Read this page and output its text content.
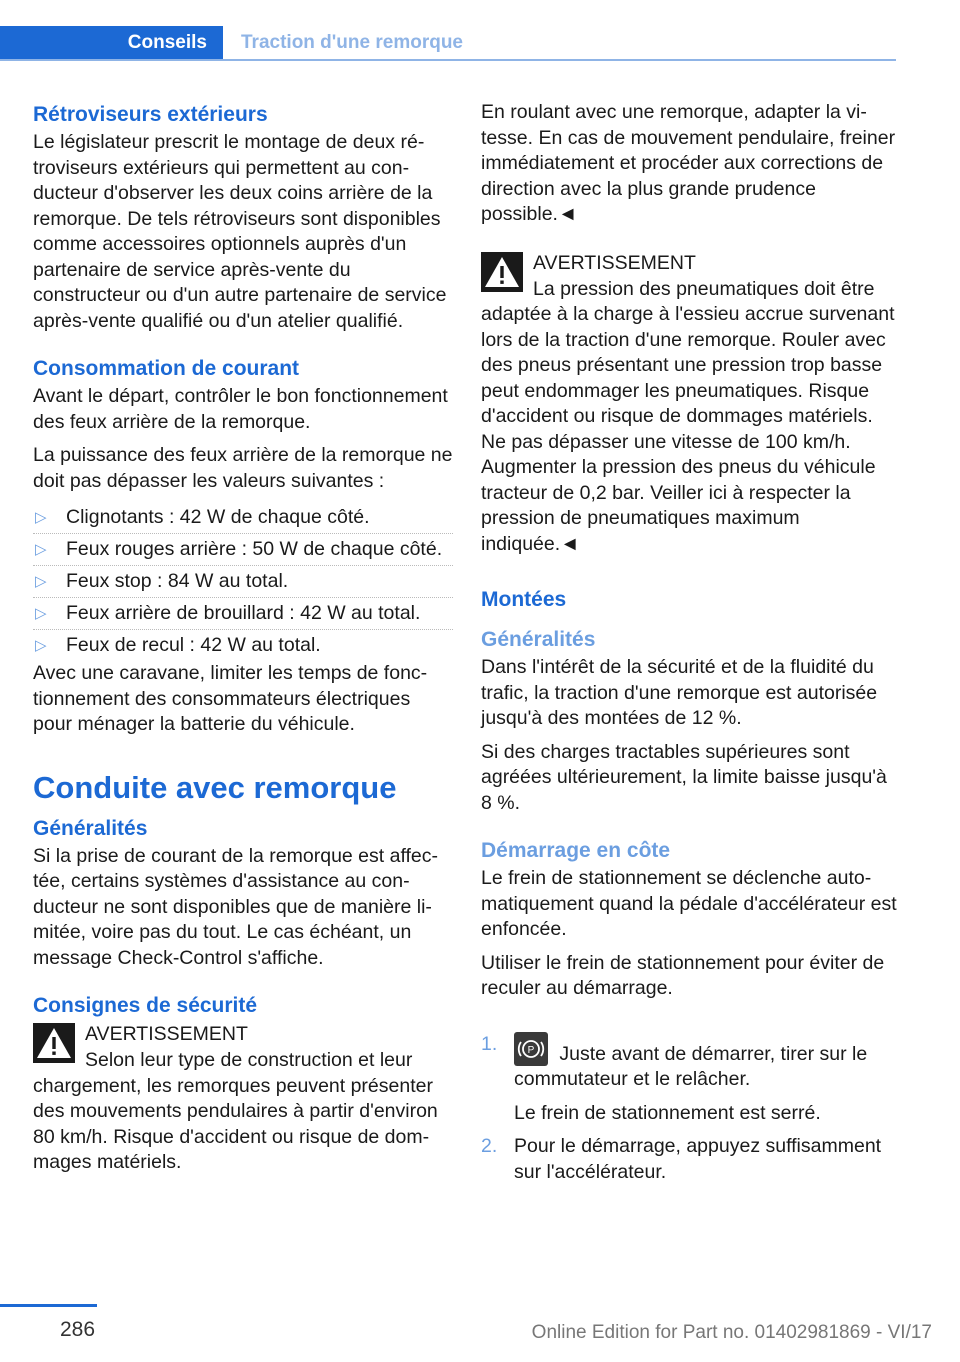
Conseils Traction d'une remorque
Rétroviseurs extérieurs

Le législateur prescrit le montage de deux rétroviseurs extérieurs qui permettent au conducteur d'observer les deux coins arrière de la remorque. De tels rétroviseurs sont disponibles comme accessoires optionnels auprès d'un partenaire de service après-vente du constructeur ou d'un autre partenaire de service après-vente qualifié ou d'un atelier qualifié.

Consommation de courant

Avant le départ, contrôler le bon fonctionnement des feux arrière de la remorque.

La puissance des feux arrière de la remorque ne doit pas dépasser les valeurs suivantes :

▷ Clignotants : 42 W de chaque côté.
▷ Feux rouges arrière : 50 W de chaque côté.
▷ Feux stop : 84 W au total.
▷ Feux arrière de brouillard : 42 W au total.
▷ Feux de recul : 42 W au total.

Avec une caravane, limiter les temps de fonctionnement des consommateurs électriques pour ménager la batterie du véhicule.

Conduite avec remorque
Généralités

Si la prise de courant de la remorque est affectée, certains systèmes d'assistance au conducteur ne sont disponibles que de manière limitée, voire pas du tout. Le cas échéant, un message Check-Control s'affiche.

Consignes de sécurité
AVERTISSEMENT
Selon leur type de construction et leur chargement, les remorques peuvent présenter des mouvements pendulaires à partir d'environ 80 km/h. Risque d'accident ou risque de dommages matériels.

En roulant avec une remorque, adapter la vitesse. En cas de mouvement pendulaire, freiner immédiatement et procéder aux corrections de direction avec la plus grande prudence possible.◄

AVERTISSEMENT
La pression des pneumatiques doit être adaptée à la charge à l'essieu accrue survenant lors de la traction d'une remorque. Rouler avec des pneus présentant une pression trop basse peut endommager les pneumatiques. Risque d'accident ou risque de dommages matériels. Ne pas dépasser une vitesse de 100 km/h. Augmenter la pression des pneus du véhicule tracteur de 0,2 bar. Veiller ici à respecter la pression de pneumatiques maximum indiquée.◄
Montées
Généralités

Dans l'intérêt de la sécurité et de la fluidité du trafic, la traction d'une remorque est autorisée jusqu'à des montées de 12 %.

Si des charges tractables supérieures sont agréées ultérieurement, la limite baisse jusqu'à 8 %.

Démarrage en côte

Le frein de stationnement se déclenche automatiquement quand la pédale d'accélérateur est enfoncée.

Utiliser le frein de stationnement pour éviter de reculer au démarrage.

1.	P Juste avant de démarrer, tirer sur le commutateur et le relâcher.
Le frein de stationnement est serré.
2. Pour le démarrage, appuyez suffisamment sur l'accélérateur.
286	Online Edition for Part no. 01402981869 - VI/17
